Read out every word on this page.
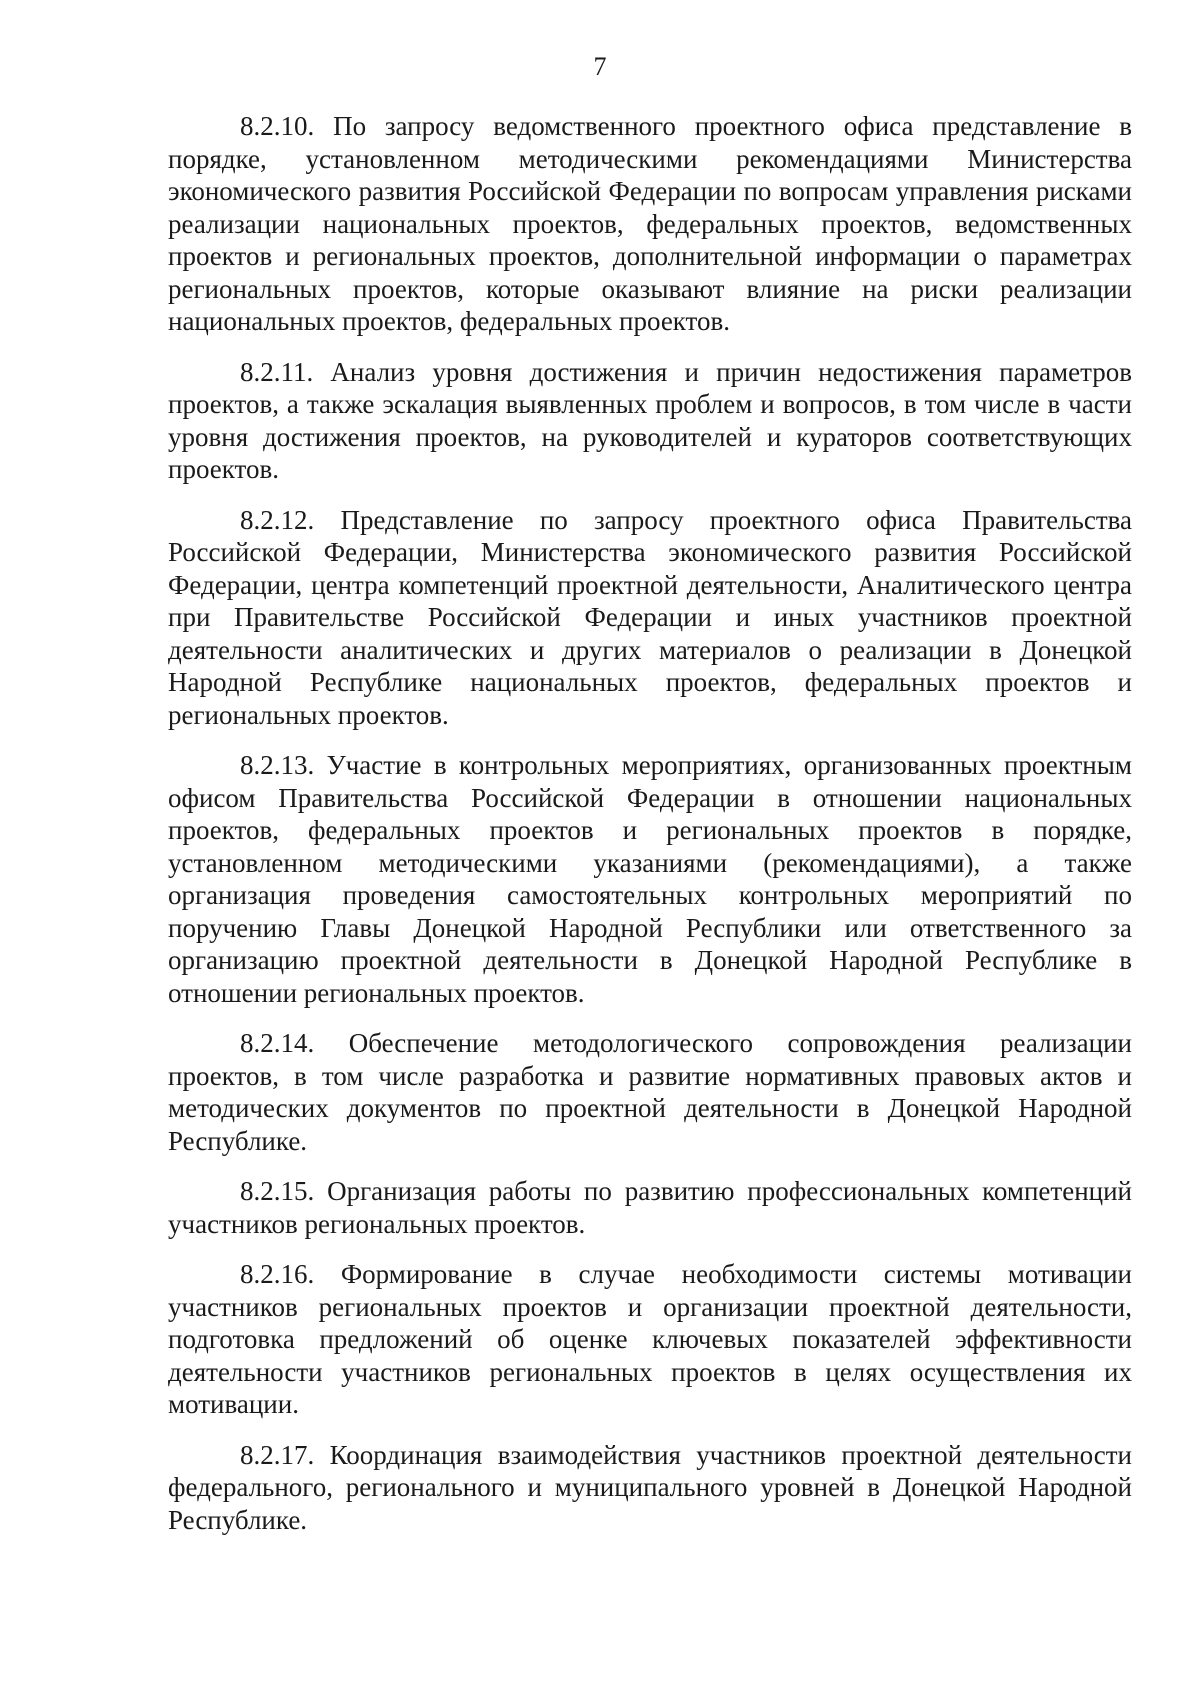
7

8.2.10. По запросу ведомственного проектного офиса представление в порядке, установленном методическими рекомендациями Министерства экономического развития Российской Федерации по вопросам управления рисками реализации национальных проектов, федеральных проектов, ведомственных проектов и региональных проектов, дополнительной информации о параметрах региональных проектов, которые оказывают влияние на риски реализации национальных проектов, федеральных проектов.

8.2.11. Анализ уровня достижения и причин недостижения параметров проектов, а также эскалация выявленных проблем и вопросов, в том числе в части уровня достижения проектов, на руководителей и кураторов соответствующих проектов.

8.2.12. Представление по запросу проектного офиса Правительства Российской Федерации, Министерства экономического развития Российской Федерации, центра компетенций проектной деятельности, Аналитического центра при Правительстве Российской Федерации и иных участников проектной деятельности аналитических и других материалов о реализации в Донецкой Народной Республике национальных проектов, федеральных проектов и региональных проектов.

8.2.13. Участие в контрольных мероприятиях, организованных проектным офисом Правительства Российской Федерации в отношении национальных проектов, федеральных проектов и региональных проектов в порядке, установленном методическими указаниями (рекомендациями), а также организация проведения самостоятельных контрольных мероприятий по поручению Главы Донецкой Народной Республики или ответственного за организацию проектной деятельности в Донецкой Народной Республике в отношении региональных проектов.

8.2.14. Обеспечение методологического сопровождения реализации проектов, в том числе разработка и развитие нормативных правовых актов и методических документов по проектной деятельности в Донецкой Народной Республике.

8.2.15. Организация работы по развитию профессиональных компетенций участников региональных проектов.

8.2.16. Формирование в случае необходимости системы мотивации участников региональных проектов и организации проектной деятельности, подготовка предложений об оценке ключевых показателей эффективности деятельности участников региональных проектов в целях осуществления их мотивации.

8.2.17. Координация взаимодействия участников проектной деятельности федерального, регионального и муниципального уровней в Донецкой Народной Республике.
